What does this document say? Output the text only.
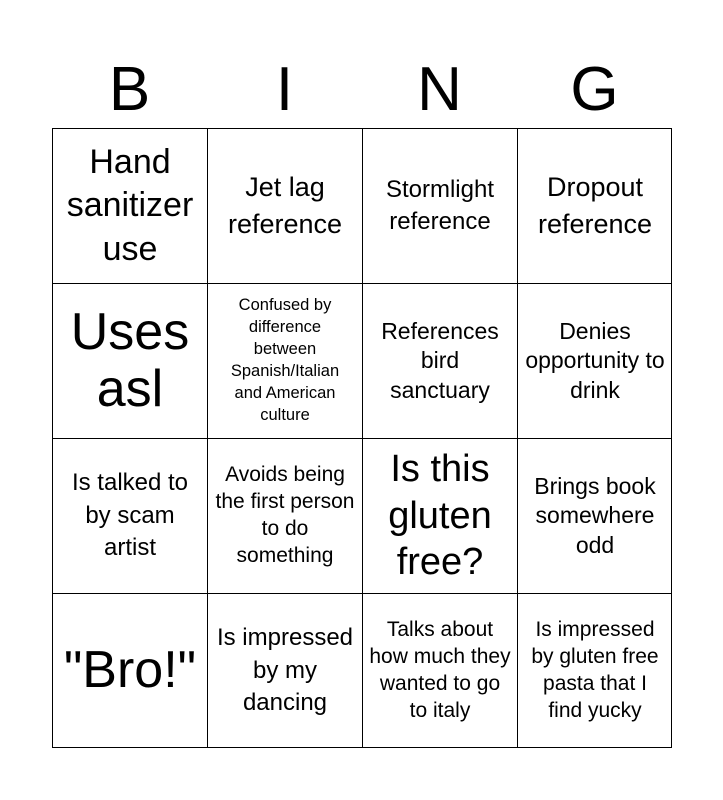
B	I	N	G
Hand sanitizer use
Jet lag reference
Stormlight reference
Dropout reference
Uses asl
Confused by difference between Spanish/Italian and American culture
References bird sanctuary
Denies opportunity to drink
Is talked to by scam artist
Avoids being the first person to do something
Is this gluten free?
Brings book somewhere odd
"Bro!"
Is impressed by my dancing
Talks about how much they wanted to go to italy
Is impressed by gluten free pasta that I find yucky
